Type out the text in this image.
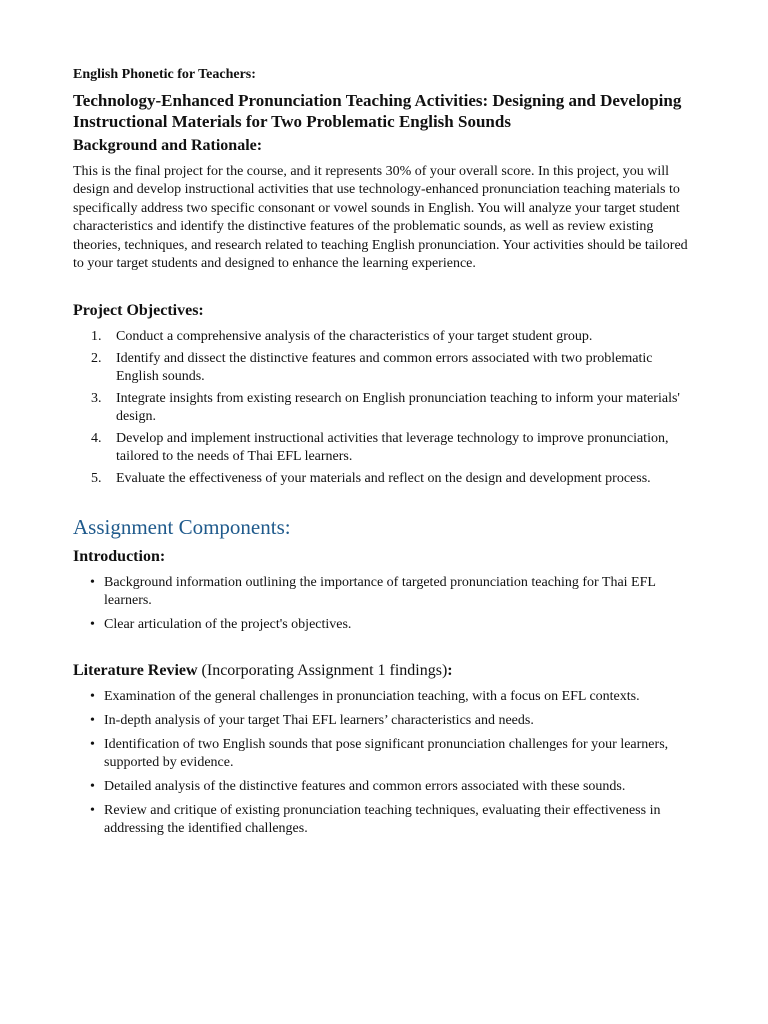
English Phonetic for Teachers:
Technology-Enhanced Pronunciation Teaching Activities: Designing and Developing Instructional Materials for Two Problematic English Sounds
Background and Rationale:

This is the final project for the course, and it represents 30% of your overall score. In this project, you will design and develop instructional activities that use technology-enhanced pronunciation teaching materials to specifically address two specific consonant or vowel sounds in English. You will analyze your target student characteristics and identify the distinctive features of the problematic sounds, as well as review existing theories, techniques, and research related to teaching English pronunciation. Your activities should be tailored to your target students and designed to enhance the learning experience.

Project Objectives:
1. Conduct a comprehensive analysis of the characteristics of your target student group.
2. Identify and dissect the distinctive features and common errors associated with two problematic English sounds.
3. Integrate insights from existing research on English pronunciation teaching to inform your materials' design.
4. Develop and implement instructional activities that leverage technology to improve pronunciation, tailored to the needs of Thai EFL learners.
5. Evaluate the effectiveness of your materials and reflect on the design and development process.
Assignment Components:
Introduction:
• Background information outlining the importance of targeted pronunciation teaching for Thai EFL learners.
• Clear articulation of the project's objectives.
Literature Review (Incorporating Assignment 1 findings):
• Examination of the general challenges in pronunciation teaching, with a focus on EFL contexts.
• In-depth analysis of your target Thai EFL learners’ characteristics and needs.
• Identification of two English sounds that pose significant pronunciation challenges for your learners, supported by evidence.
• Detailed analysis of the distinctive features and common errors associated with these sounds.
• Review and critique of existing pronunciation teaching techniques, evaluating their effectiveness in addressing the identified challenges.
